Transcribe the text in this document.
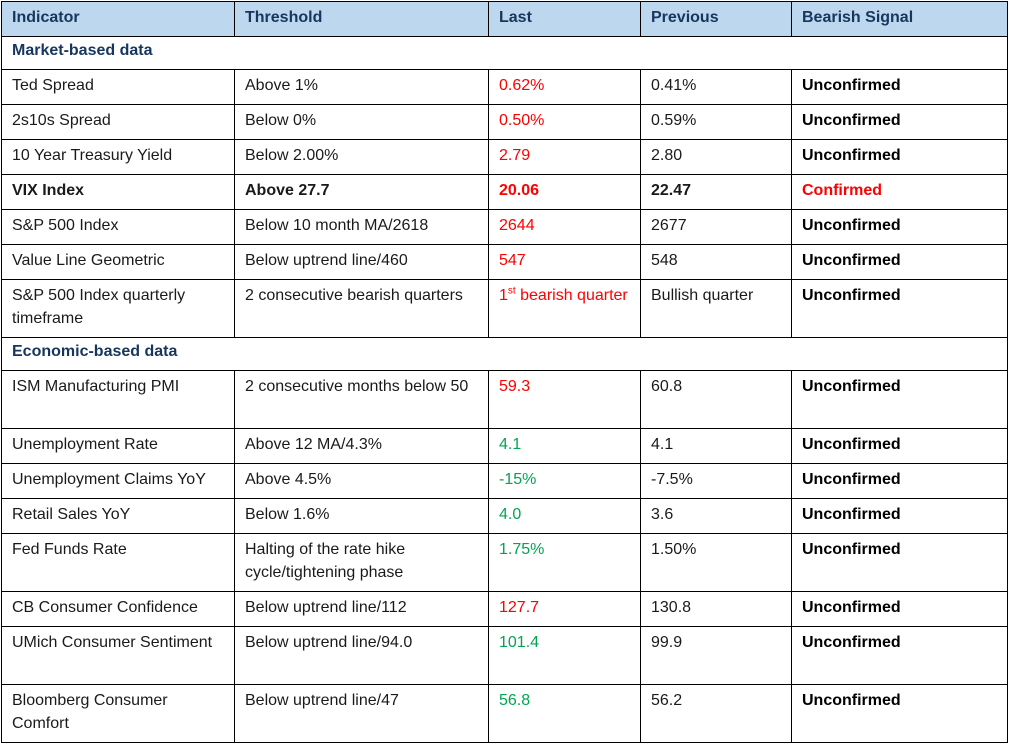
Indicator	Threshold	Last	Previous	Bearish Signal
Market-based data				
Ted Spread	Above 1%	0.62%	0.41%	Unconfirmed
2s10s Spread	Below 0%	0.50%	0.59%	Unconfirmed
10 Year Treasury Yield	Below 2.00%	2.79	2.80	Unconfirmed
VIX Index	Above 27.7	20.06	22.47	Confirmed
S&P 500 Index	Below 10 month MA/2618	2644	2677	Unconfirmed
Value Line Geometric	Below uptrend line/460	547	548	Unconfirmed
S&P 500 Index quarterly timeframe	2 consecutive bearish quarters	1st bearish quarter	Bullish quarter	Unconfirmed
Economic-based data				
ISM Manufacturing PMI	2 consecutive months below 50	59.3	60.8	Unconfirmed
Unemployment Rate	Above 12 MA/4.3%	4.1	4.1	Unconfirmed
Unemployment Claims YoY	Above 4.5%	-15%	-7.5%	Unconfirmed
Retail Sales YoY	Below 1.6%	4.0	3.6	Unconfirmed
Fed Funds Rate	Halting of the rate hike cycle/tightening phase	1.75%	1.50%	Unconfirmed
CB Consumer Confidence	Below uptrend line/112	127.7	130.8	Unconfirmed
UMich Consumer Sentiment	Below uptrend line/94.0	101.4	99.9	Unconfirmed
Bloomberg Consumer Comfort	Below uptrend line/47	56.8	56.2	Unconfirmed
